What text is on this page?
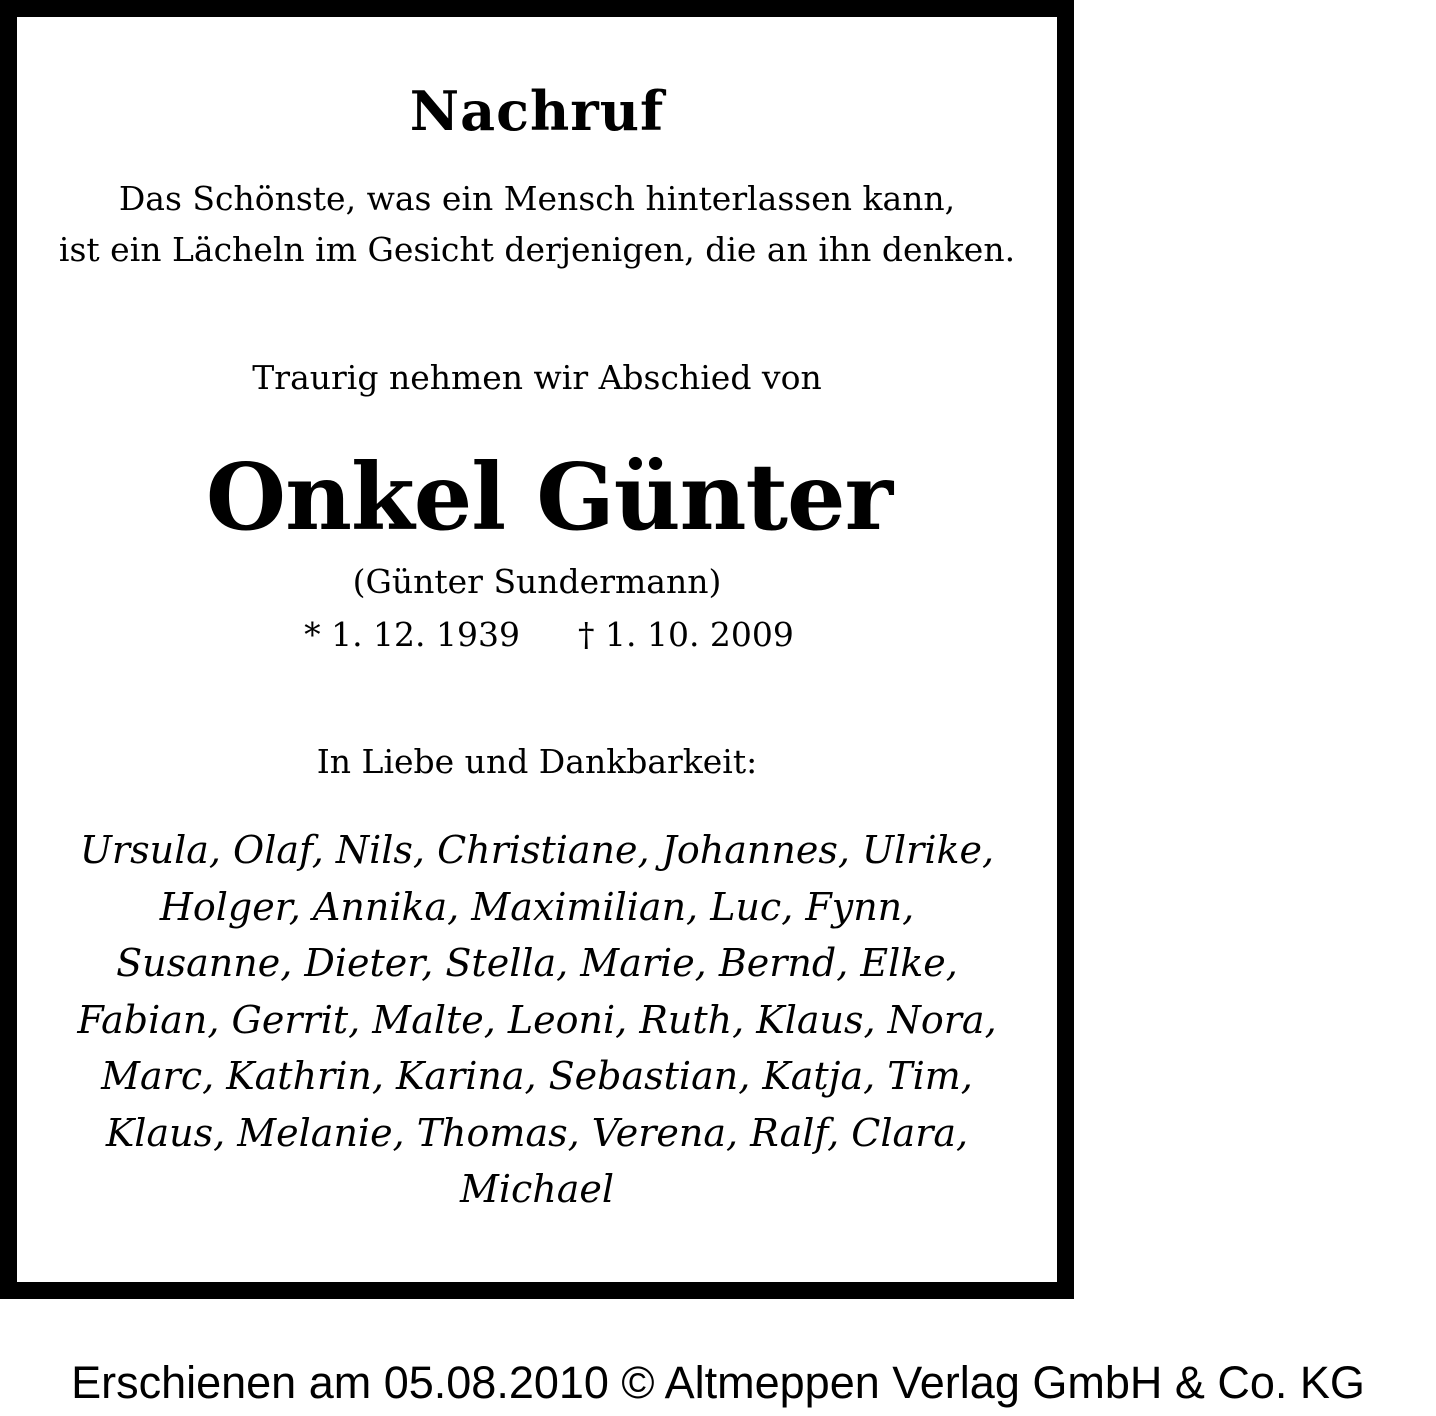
Nachruf
Das Schönste, was ein Mensch hinterlassen kann,
ist ein Lächeln im Gesicht derjenigen, die an ihn denken.
Traurig nehmen wir Abschied von
Onkel Günter
(Günter Sundermann)
* 1. 12. 1939 † 1. 10. 2009
In Liebe und Dankbarkeit:
Ursula, Olaf, Nils, Christiane, Johannes, Ulrike,
Holger, Annika, Maximilian, Luc, Fynn,
Susanne, Dieter, Stella, Marie, Bernd, Elke,
Fabian, Gerrit, Malte, Leoni, Ruth, Klaus, Nora,
Marc, Kathrin, Karina, Sebastian, Katja, Tim,
Klaus, Melanie, Thomas, Verena, Ralf, Clara,
Michael
Erschienen am 05.08.2010 © Altmeppen Verlag GmbH & Co. KG
